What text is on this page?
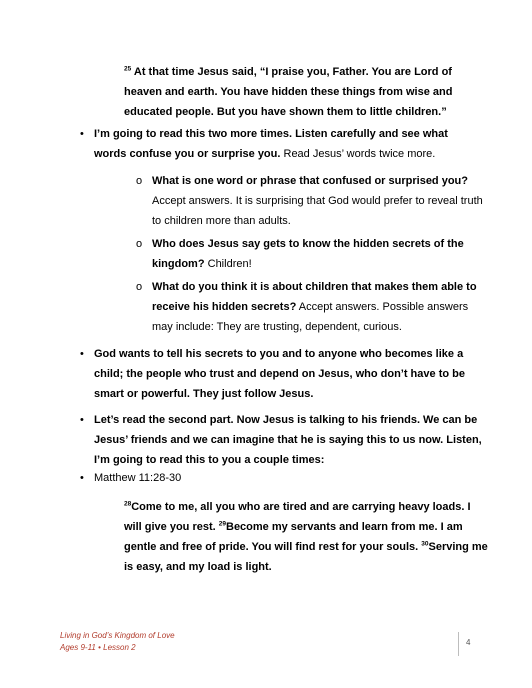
$^{25}$ At that time Jesus said, “I praise you, Father. You are Lord of heaven and earth. You have hidden these things from wise and educated people. But you have shown them to little children.”
• I’m going to read this two more times. Listen carefully and see what words confuse you or surprise you. Read Jesus’ words twice more.
o What is one word or phrase that confused or surprised you? Accept answers. It is surprising that God would prefer to reveal truth to children more than adults.
o Who does Jesus say gets to know the hidden secrets of the kingdom? Children!
o What do you think it is about children that makes them able to receive his hidden secrets? Accept answers. Possible answers may include: They are trusting, dependent, curious.
• God wants to tell his secrets to you and to anyone who becomes like a child; the people who trust and depend on Jesus, who don’t have to be smart or powerful. They just follow Jesus.
• Let’s read the second part. Now Jesus is talking to his friends. We can be Jesus’ friends and we can imagine that he is saying this to us now. Listen, I’m going to read this to you a couple times:
• Matthew 11:28-30
$^{28}$Come to me, all you who are tired and are carrying heavy loads. I will give you rest. $^{29}$Become my servants and learn from me. I am gentle and free of pride. You will find rest for your souls. $^{30}$Serving me is easy, and my load is light.
Living in God’s Kingdom of Love
Ages 9-11 • Lesson 2
4
